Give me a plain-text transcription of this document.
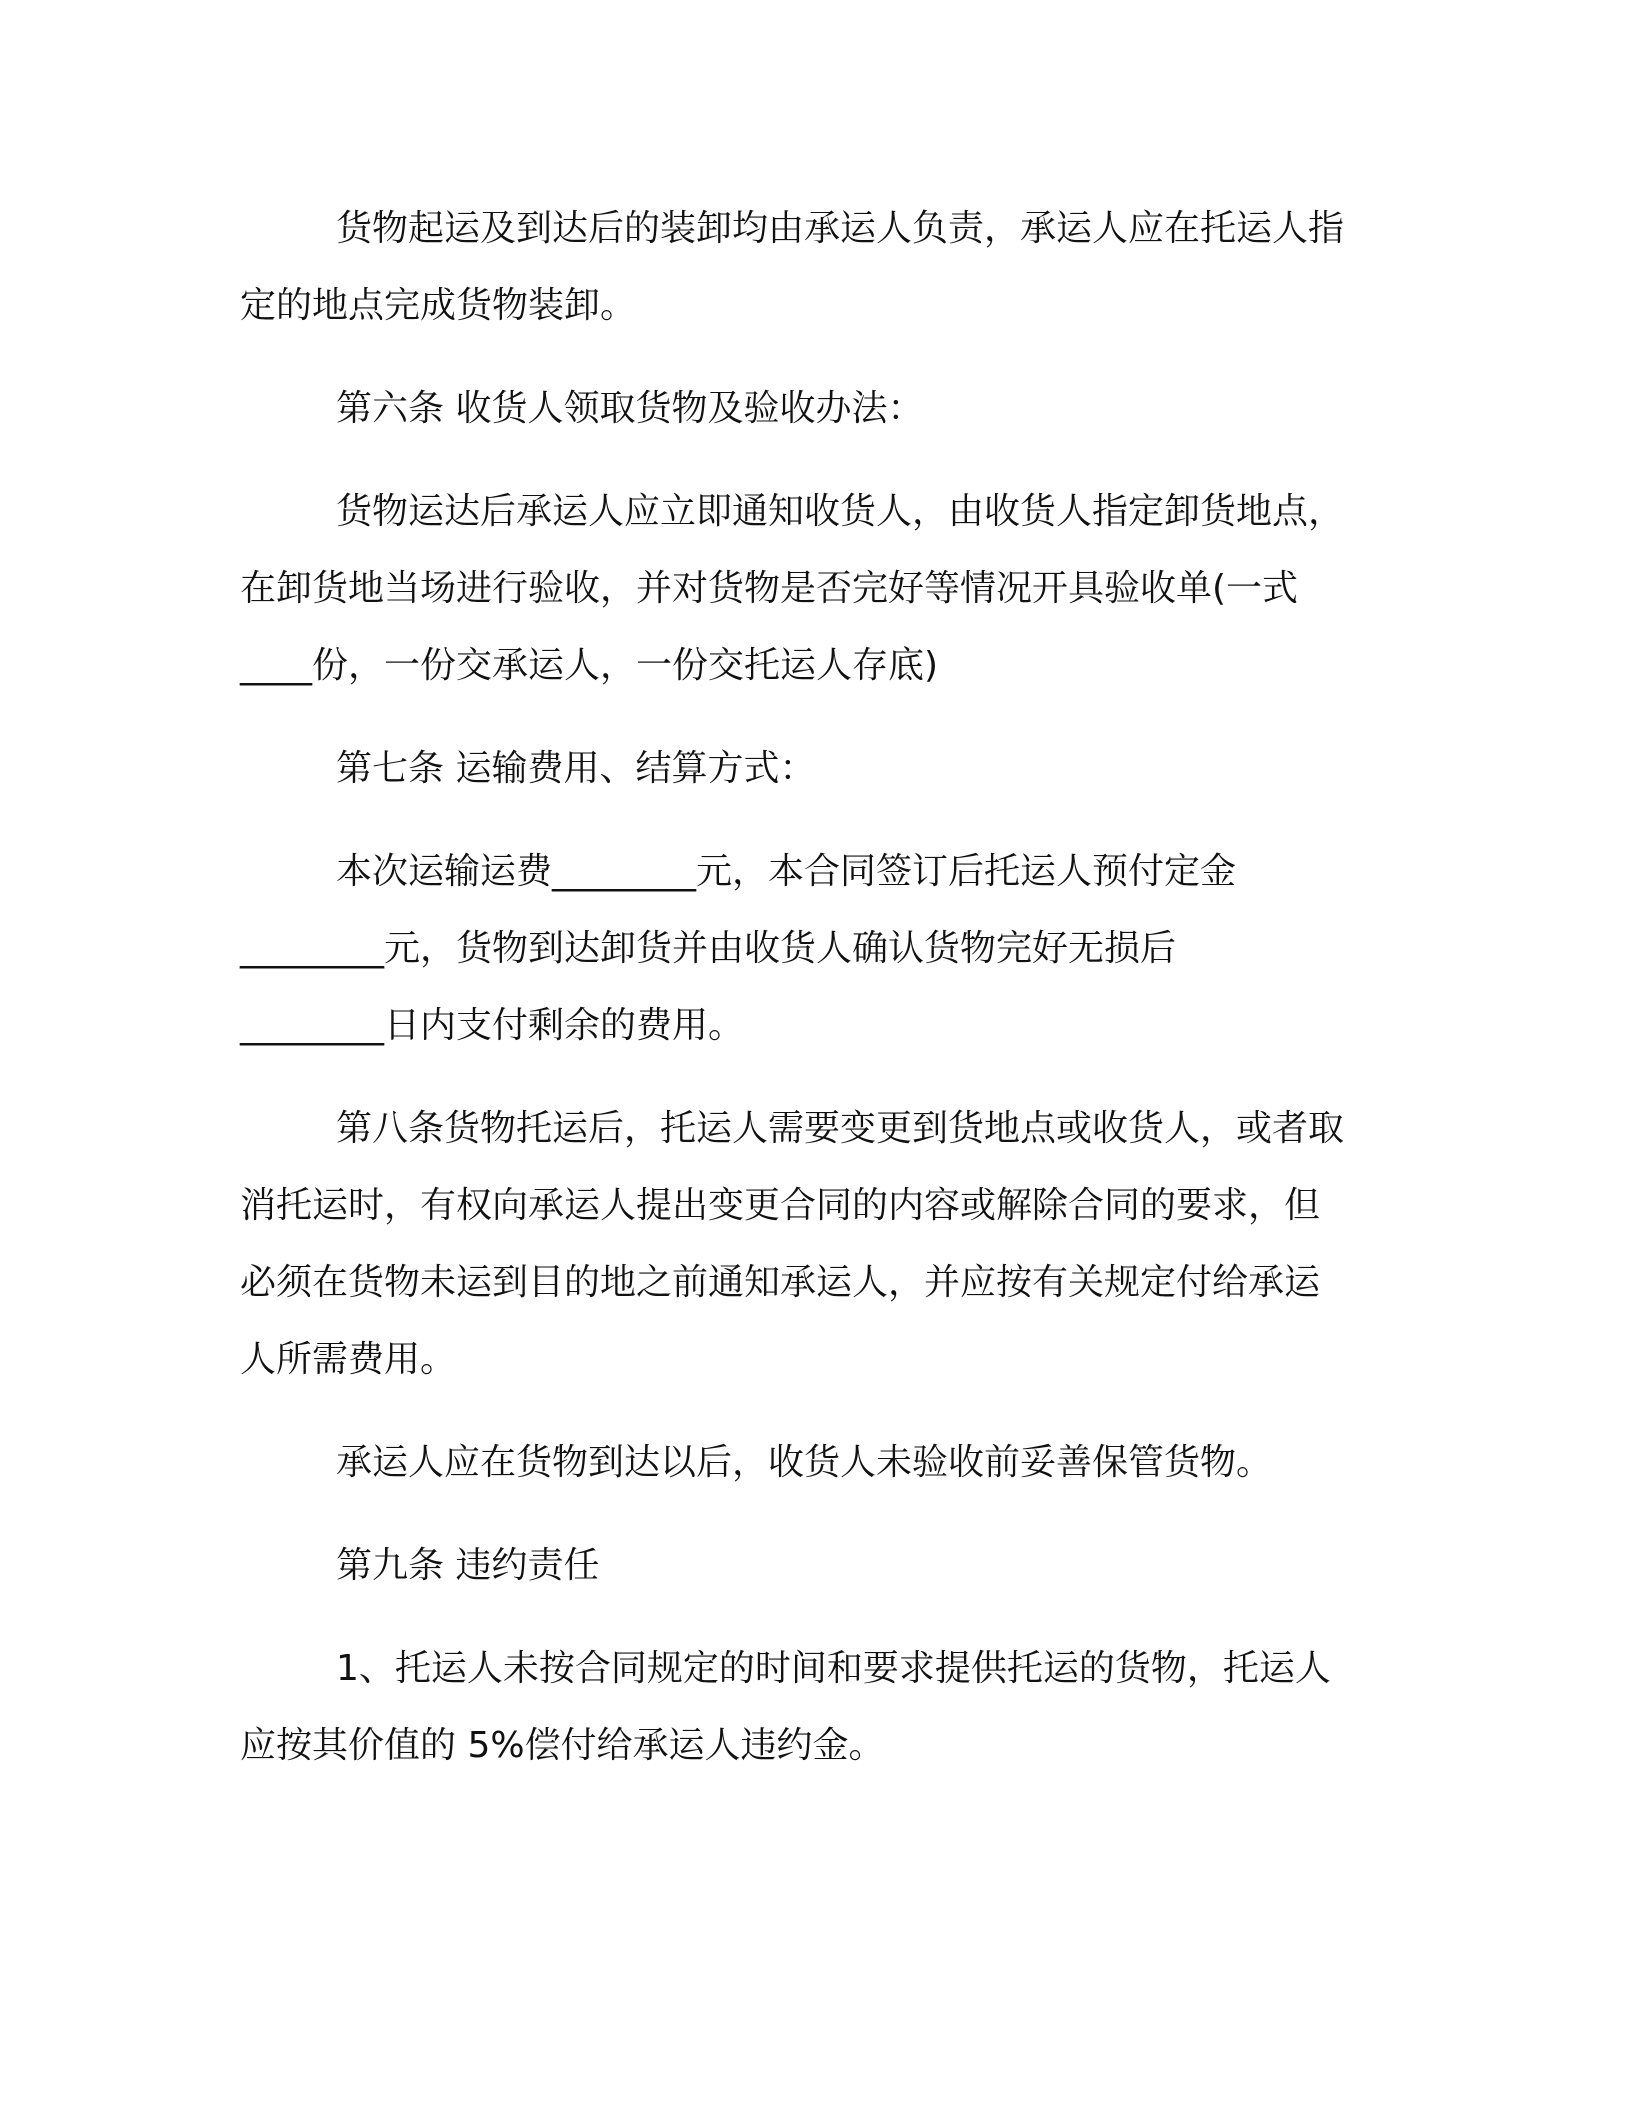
货物起运及到达后的装卸均由承运人负责，承运人应在托运人指
定的地点完成货物装卸。

第六条 收货人领取货物及验收办法：

货物运达后承运人应立即通知收货人，由收货人指定卸货地点，
在卸货地当场进行验收，并对货物是否完好等情况开具验收单(一式
____份，一份交承运人，一份交托运人存底)

第七条 运输费用、结算方式：

本次运输运费________元，本合同签订后托运人预付定金
________元，货物到达卸货并由收货人确认货物完好无损后
________日内支付剩余的费用。

第八条货物托运后，托运人需要变更到货地点或收货人，或者取
消托运时，有权向承运人提出变更合同的内容或解除合同的要求，但
必须在货物未运到目的地之前通知承运人，并应按有关规定付给承运
人所需费用。

承运人应在货物到达以后，收货人未验收前妥善保管货物。

第九条 违约责任

1、托运人未按合同规定的时间和要求提供托运的货物，托运人
应按其价值的 5%偿付给承运人违约金。
